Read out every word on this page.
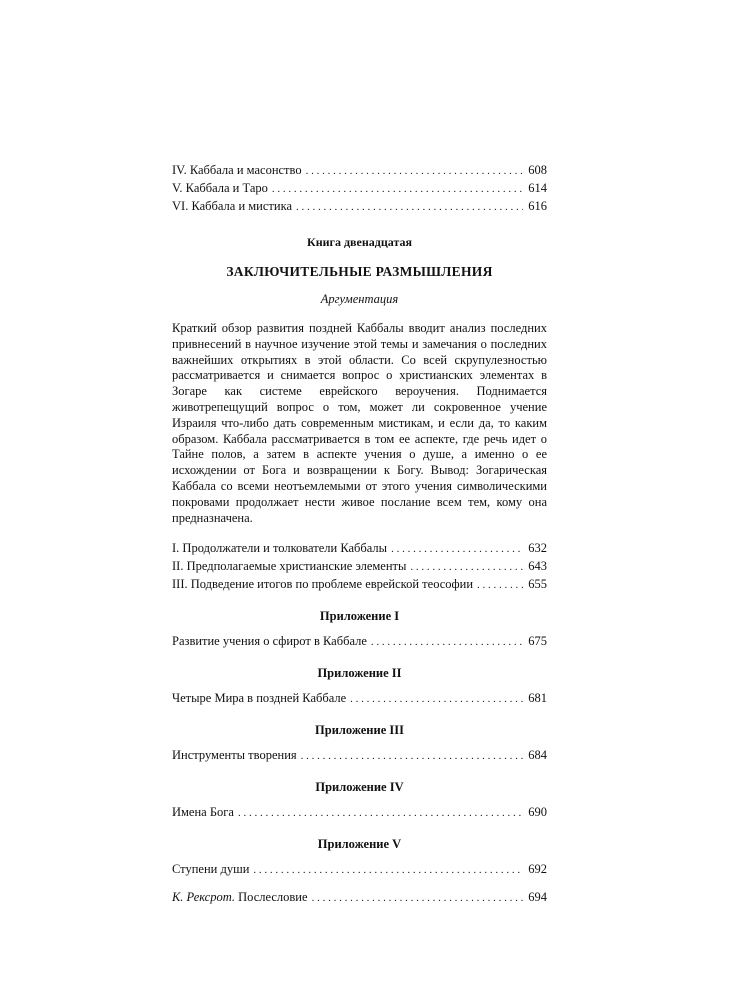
IV. Каббала и масонство . . .	608
V. Каббала и Таро . . .	614
VI. Каббала и мистика . . .	616
Книга двенадцатая
ЗАКЛЮЧИТЕЛЬНЫЕ РАЗМЫШЛЕНИЯ
Аргументация
Краткий обзор развития поздней Каббалы вводит анализ последних привнесений в научное изучение этой темы и замечания о последних важнейших открытиях в этой области. Со всей скрупулезностью рассматривается и снимается вопрос о христианских элементах в Зогаре как системе еврейского вероучения. Поднимается животрепещущий вопрос о том, может ли сокровенное учение Израиля что-либо дать современным мистикам, и если да, то каким образом. Каббала рассматривается в том ее аспекте, где речь идет о Тайне полов, а затем в аспекте учения о душе, а именно о ее исхождении от Бога и возвращении к Богу. Вывод: Зогарическая Каббала со всеми неотъемлемыми от этого учения символическими покровами продолжает нести живое послание всем тем, кому она предназначена.
I. Продолжатели и толкователи Каббалы . . .	632
II. Предполагаемые христианские элементы . . .	643
III. Подведение итогов по проблеме еврейской теософии . . .	655
Приложение I
Развитие учения о сфирот в Каббале . . .	675
Приложение II
Четыре Мира в поздней Каббале . . .	681
Приложение III
Инструменты творения . . .	684
Приложение IV
Имена Бога . . .	690
Приложение V
Ступени души . . .	692
К. Рексрот. Послесловие . . .	694
